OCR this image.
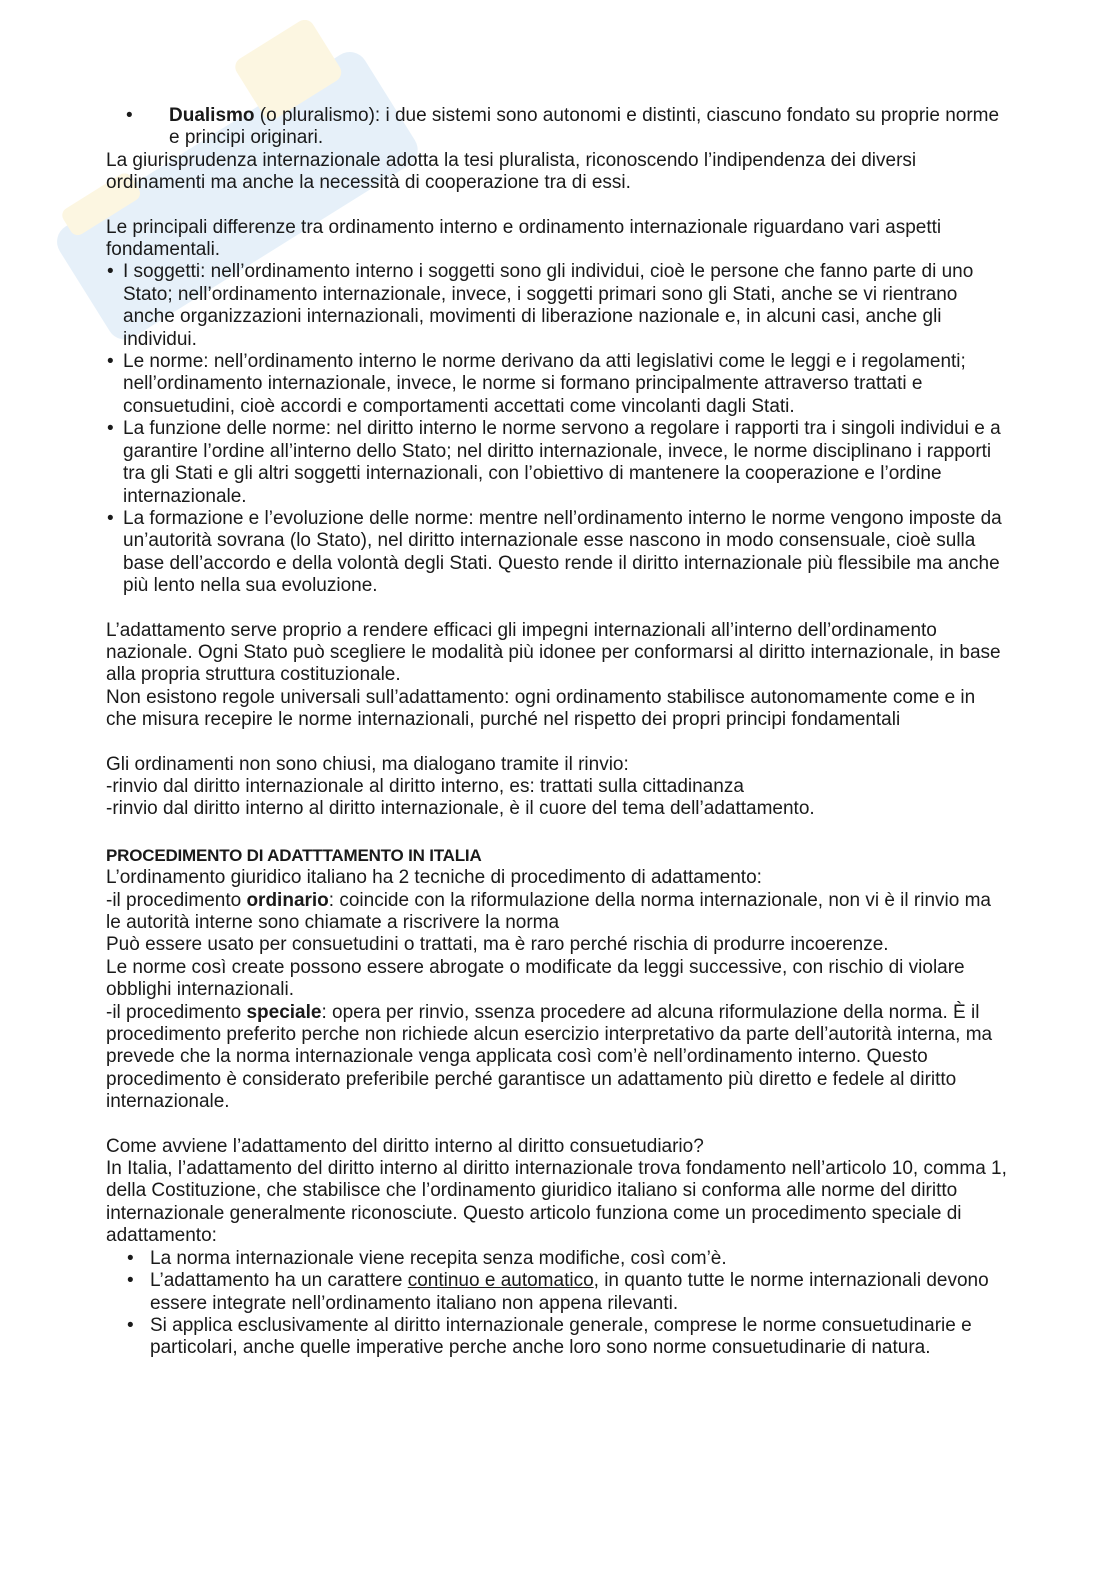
• Dualismo (o pluralismo): i due sistemi sono autonomi e distinti, ciascuno fondato su proprie norme e principi originari.

La giurisprudenza internazionale adotta la tesi pluralista, riconoscendo l’indipendenza dei diversi ordinamenti ma anche la necessità di cooperazione tra di essi.

Le principali differenze tra ordinamento interno e ordinamento internazionale riguardano vari aspetti fondamentali.

• I soggetti: nell’ordinamento interno i soggetti sono gli individui, cioè le persone che fanno parte di uno Stato; nell’ordinamento internazionale, invece, i soggetti primari sono gli Stati, anche se vi rientrano anche organizzazioni internazionali, movimenti di liberazione nazionale e, in alcuni casi, anche gli individui.
• Le norme: nell’ordinamento interno le norme derivano da atti legislativi come le leggi e i regolamenti; nell’ordinamento internazionale, invece, le norme si formano principalmente attraverso trattati e consuetudini, cioè accordi e comportamenti accettati come vincolanti dagli Stati.
• La funzione delle norme: nel diritto interno le norme servono a regolare i rapporti tra i singoli individui e a garantire l’ordine all’interno dello Stato; nel diritto internazionale, invece, le norme disciplinano i rapporti tra gli Stati e gli altri soggetti internazionali, con l’obiettivo di mantenere la cooperazione e l’ordine internazionale.
• La formazione e l’evoluzione delle norme: mentre nell’ordinamento interno le norme vengono imposte da un’autorità sovrana (lo Stato), nel diritto internazionale esse nascono in modo consensuale, cioè sulla base dell’accordo e della volontà degli Stati. Questo rende il diritto internazionale più flessibile ma anche più lento nella sua evoluzione.

L’adattamento serve proprio a rendere efficaci gli impegni internazionali all’interno dell’ordinamento nazionale. Ogni Stato può scegliere le modalità più idonee per conformarsi al diritto internazionale, in base alla propria struttura costituzionale.

Non esistono regole universali sull’adattamento: ogni ordinamento stabilisce autonomamente come e in che misura recepire le norme internazionali, purché nel rispetto dei propri principi fondamentali

Gli ordinamenti non sono chiusi, ma dialogano tramite il rinvio:

-rinvio dal diritto internazionale al diritto interno, es: trattati sulla cittadinanza

-rinvio dal diritto interno al diritto internazionale, è il cuore del tema dell’adattamento.

PROCEDIMENTO DI ADATTTAMENTO IN ITALIA

L’ordinamento giuridico italiano ha 2 tecniche di procedimento di adattamento:

-il procedimento ordinario: coincide con la riformulazione della norma internazionale, non vi è il rinvio ma le autorità interne sono chiamate a riscrivere la norma

Può essere usato per consuetudini o trattati, ma è raro perché rischia di produrre incoerenze.

Le norme così create possono essere abrogate o modificate da leggi successive, con rischio di violare obblighi internazionali.

-il procedimento speciale: opera per rinvio, ssenza procedere ad alcuna riformulazione della norma. È il procedimento preferito perche non richiede alcun esercizio interpretativo da parte dell’autorità interna, ma prevede che la norma internazionale venga applicata così com’è nell’ordinamento interno. Questo procedimento è considerato preferibile perché garantisce un adattamento più diretto e fedele al diritto internazionale.

Come avviene l’adattamento del diritto interno al diritto consuetudiario?

In Italia, l’adattamento del diritto interno al diritto internazionale trova fondamento nell’articolo 10, comma 1, della Costituzione, che stabilisce che l’ordinamento giuridico italiano si conforma alle norme del diritto internazionale generalmente riconosciute. Questo articolo funziona come un procedimento speciale di adattamento:

• La norma internazionale viene recepita senza modifiche, così com’è.
• L’adattamento ha un carattere continuo e automatico, in quanto tutte le norme internazionali devono essere integrate nell’ordinamento italiano non appena rilevanti.
• Si applica esclusivamente al diritto internazionale generale, comprese le norme consuetudinarie e particolari, anche quelle imperative perche anche loro sono norme consuetudinarie di natura.
